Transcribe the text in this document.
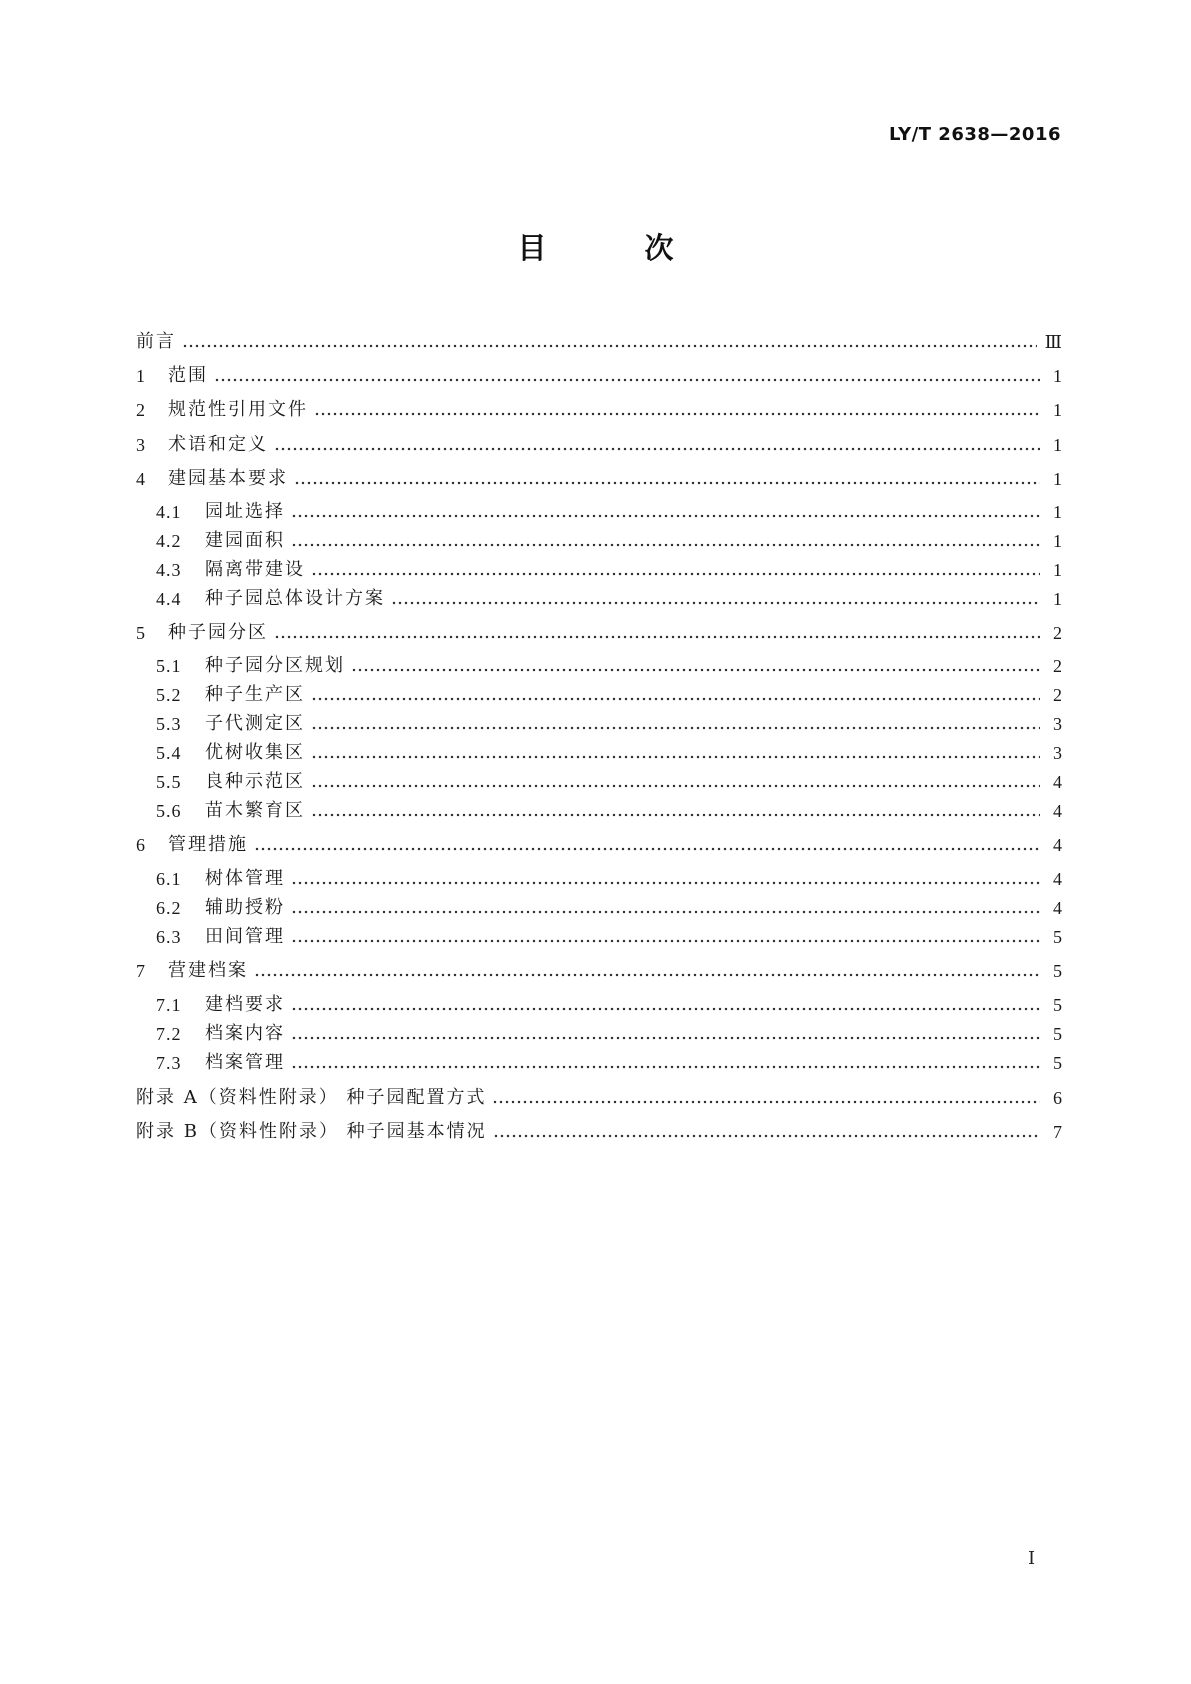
LY/T 2638—2016
目 次
前言	Ⅲ
1	范围	1
2	规范性引用文件	1
3	术语和定义	1
4	建园基本要求	1
4.1	园址选择	1
4.2	建园面积	1
4.3	隔离带建设	1
4.4	种子园总体设计方案	1
5	种子园分区	2
5.1	种子园分区规划	2
5.2	种子生产区	2
5.3	子代测定区	3
5.4	优树收集区	3
5.5	良种示范区	4
5.6	苗木繁育区	4
6	管理措施	4
6.1	树体管理	4
6.2	辅助授粉	4
6.3	田间管理	5
7	营建档案	5
7.1	建档要求	5
7.2	档案内容	5
7.3	档案管理	5
附录 A（资料性附录） 种子园配置方式	6
附录 B（资料性附录） 种子园基本情况	7
Ⅰ
